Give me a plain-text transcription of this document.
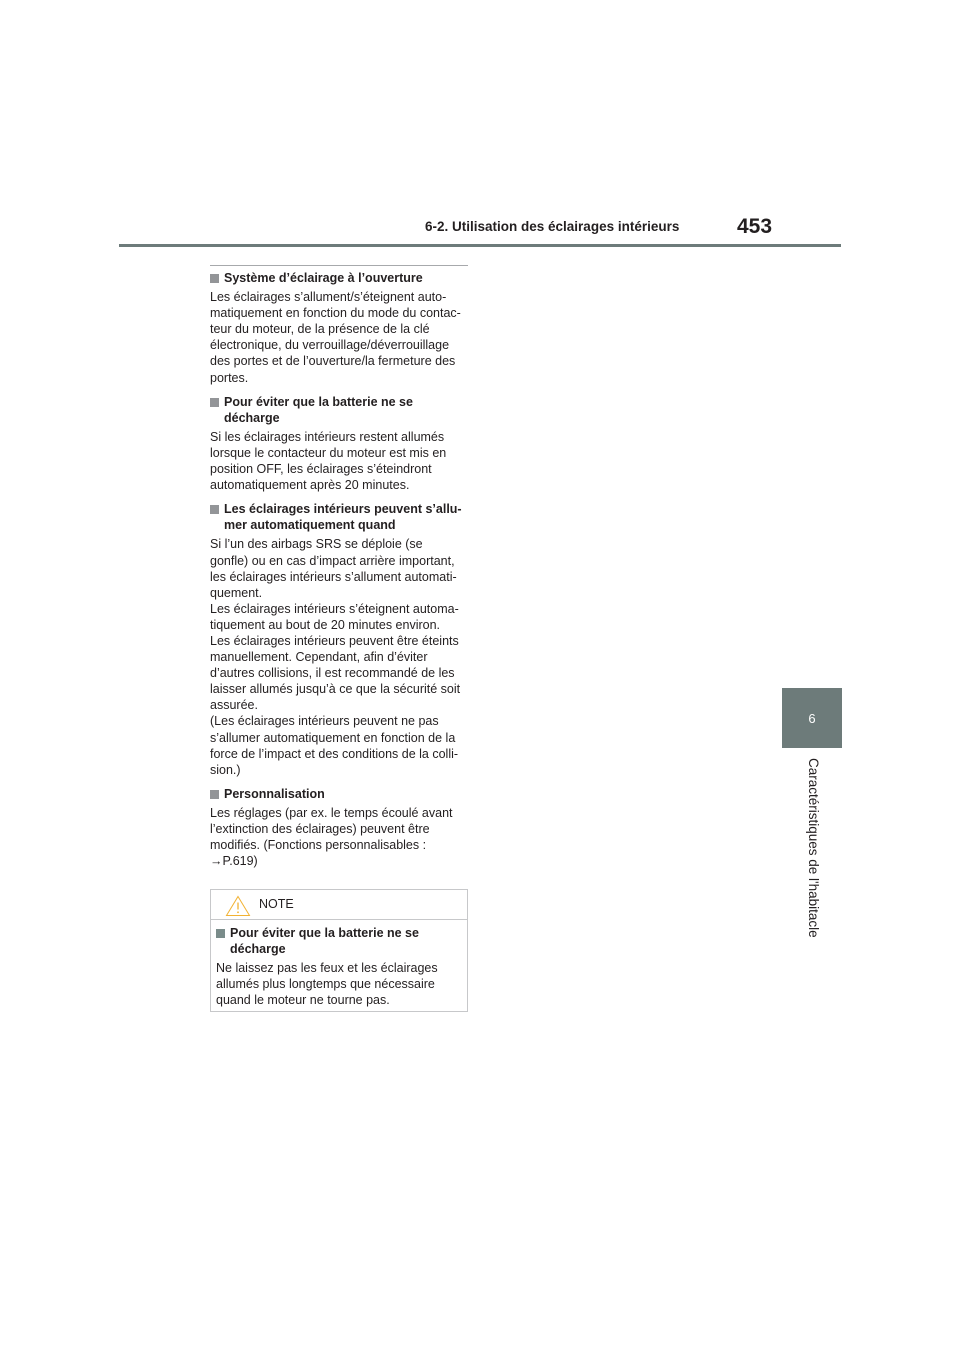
6-2. Utilisation des éclairages intérieurs	453
6
Caractéristiques de l'habitacle
Système d’éclairage à l’ouverture
Les éclairages s’allument/s’éteignent auto-
matiquement en fonction du mode du contac-
teur du moteur, de la présence de la clé
électronique, du verrouillage/déverrouillage
des portes et de l’ouverture/la fermeture des
portes.
Pour éviter que la batterie ne se
décharge
Si les éclairages intérieurs restent allumés
lorsque le contacteur du moteur est mis en
position OFF, les éclairages s’éteindront
automatiquement après 20 minutes.
Les éclairages intérieurs peuvent s’allu-
mer automatiquement quand
Si l’un des airbags SRS se déploie (se
gonfle) ou en cas d’impact arrière important,
les éclairages intérieurs s’allument automati-
quement.
Les éclairages intérieurs s’éteignent automa-
tiquement au bout de 20 minutes environ.
Les éclairages intérieurs peuvent être éteints
manuellement. Cependant, afin d’éviter
d’autres collisions, il est recommandé de les
laisser allumés jusqu’à ce que la sécurité soit
assurée.
(Les éclairages intérieurs peuvent ne pas
s’allumer automatiquement en fonction de la
force de l’impact et des conditions de la colli-
sion.)
Personnalisation
Les réglages (par ex. le temps écoulé avant
l’extinction des éclairages) peuvent être
modifiés. (Fonctions personnalisables :
→P.619)
NOTE
Pour éviter que la batterie ne se
décharge
Ne laissez pas les feux et les éclairages
allumés plus longtemps que nécessaire
quand le moteur ne tourne pas.
